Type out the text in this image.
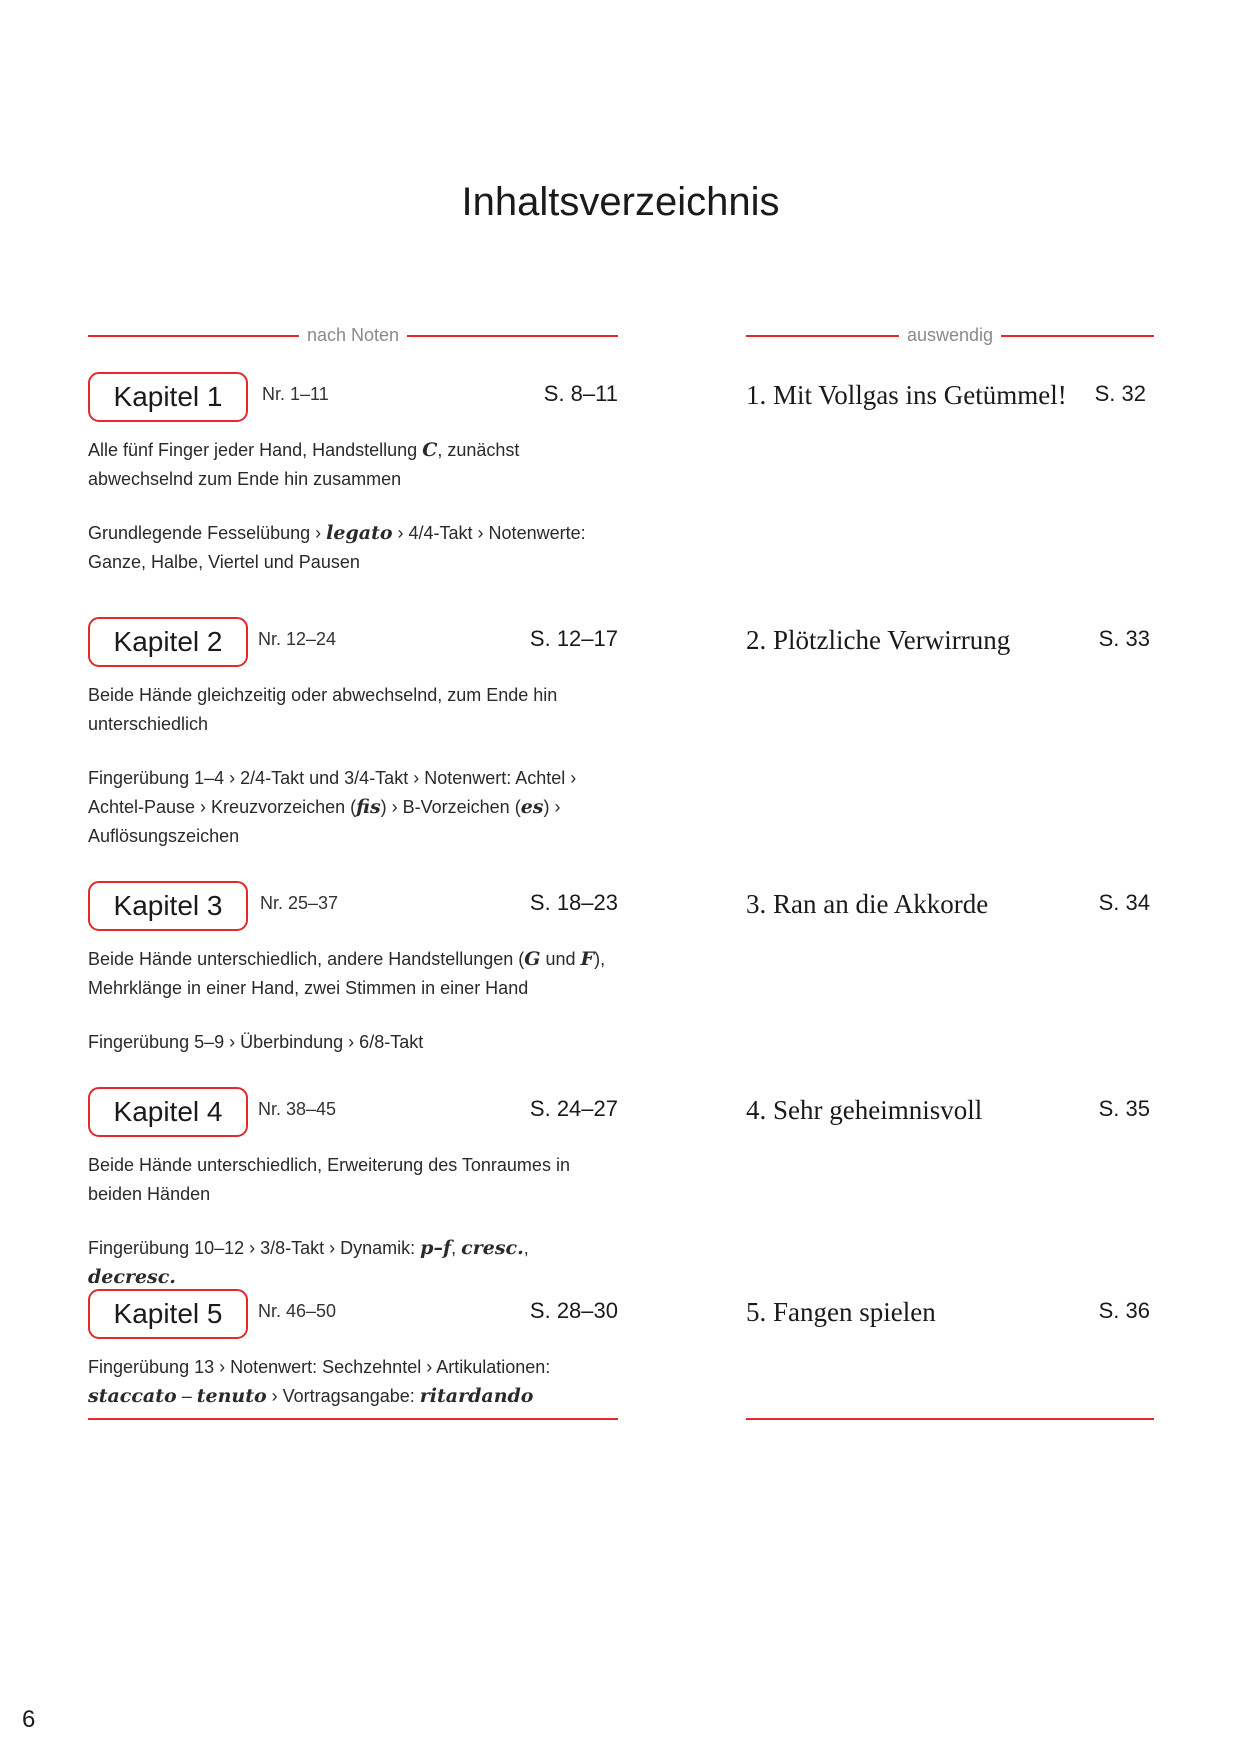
Inhaltsverzeichnis
nach Noten	auswendig
Kapitel 1	Nr. 1–11	S. 8–11

Alle fünf Finger jeder Hand, Handstellung C, zunächst abwechselnd zum Ende hin zusammen

Grundlegende Fesselübung › legato › 4/4-Takt › Notenwerte: Ganze, Halbe, Viertel und Pausen

Kapitel 2	Nr. 12–24	S. 12–17

Beide Hände gleichzeitig oder abwechselnd, zum Ende hin unterschiedlich

Fingerübung 1–4 › 2/4-Takt und 3/4-Takt › Notenwert: Achtel › Achtel-Pause › Kreuzvorzeichen (fis) › B-Vorzeichen (es) › Auflösungszeichen

Kapitel 3	Nr. 25–37	S. 18–23

Beide Hände unterschiedlich, andere Handstellungen (G und F), Mehrklänge in einer Hand, zwei Stimmen in einer Hand

Fingerübung 5–9 › Überbindung › 6/8-Takt

Kapitel 4	Nr. 38–45	S. 24–27

Beide Hände unterschiedlich, Erweiterung des Tonraumes in beiden Händen

Fingerübung 10–12 › 3/8-Takt › Dynamik: p–f, cresc., decresc.

Kapitel 5	Nr. 46–50	S. 28–30

Fingerübung 13 › Notenwert: Sechzehntel › Artikulationen: staccato – tenuto › Vortragsangabe: ritardando

1. Mit Vollgas ins Getümmel! S. 32
2. Plötzliche Verwirrung	S. 33
3. Ran an die Akkorde	S. 34
4. Sehr geheimnisvoll	S. 35
5. Fangen spielen	S. 36
6
